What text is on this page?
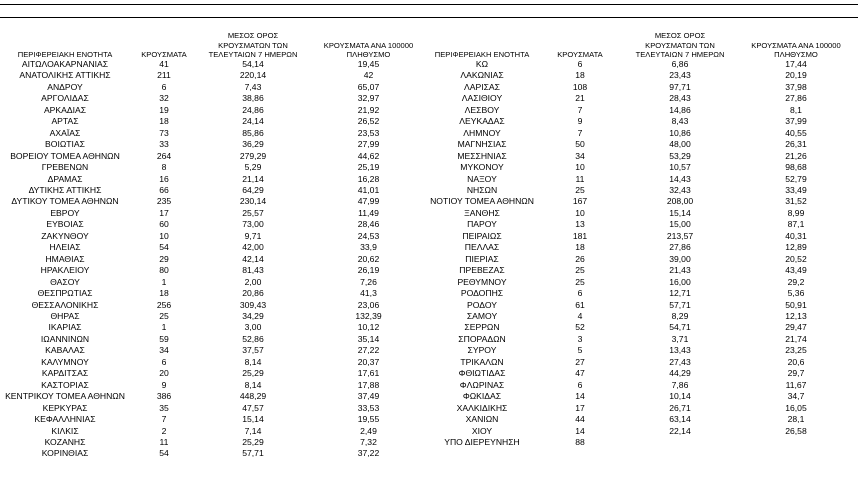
ΠΕΡΙΦΕΡΕΙΑΚΗ ΕΝΟΤΗΤΑ	ΚΡΟΥΣΜΑΤΑ	ΜΕΣΟΣ ΟΡΟΣ
ΚΡΟΥΣΜΑΤΩΝ ΤΩΝ
ΤΕΛΕΥΤΑΙΩΝ 7 ΗΜΕΡΩΝ	ΚΡΟΥΣΜΑΤΑ ΑΝΑ 100000
ΠΛΗΘΥΣΜΟ
ΑΙΤΩΛΟΑΚΑΡΝΑΝΙΑΣ	41	54,14	19,45
ΑΝΑΤΟΛΙΚΗΣ ΑΤΤΙΚΗΣ	211	220,14	42
ΑΝΔΡΟΥ	6	7,43	65,07
ΑΡΓΟΛΙΔΑΣ	32	38,86	32,97
ΑΡΚΑΔΙΑΣ	19	24,86	21,92
ΑΡΤΑΣ	18	24,14	26,52
ΑΧΑΪΑΣ	73	85,86	23,53
ΒΟΙΩΤΙΑΣ	33	36,29	27,99
ΒΟΡΕΙΟΥ ΤΟΜΕΑ ΑΘΗΝΩΝ	264	279,29	44,62
ΓΡΕΒΕΝΩΝ	8	5,29	25,19
ΔΡΑΜΑΣ	16	21,14	16,28
ΔΥΤΙΚΗΣ ΑΤΤΙΚΗΣ	66	64,29	41,01
ΔΥΤΙΚΟΥ ΤΟΜΕΑ ΑΘΗΝΩΝ	235	230,14	47,99
ΕΒΡΟΥ	17	25,57	11,49
ΕΥΒΟΙΑΣ	60	73,00	28,46
ΖΑΚΥΝΘΟΥ	10	9,71	24,53
ΗΛΕΙΑΣ	54	42,00	33,9
ΗΜΑΘΙΑΣ	29	42,14	20,62
ΗΡΑΚΛΕΙΟΥ	80	81,43	26,19
ΘΑΣΟΥ	1	2,00	7,26
ΘΕΣΠΡΩΤΙΑΣ	18	20,86	41,3
ΘΕΣΣΑΛΟΝΙΚΗΣ	256	309,43	23,06
ΘΗΡΑΣ	25	34,29	132,39
ΙΚΑΡΙΑΣ	1	3,00	10,12
ΙΩΑΝΝΙΝΩΝ	59	52,86	35,14
ΚΑΒΑΛΑΣ	34	37,57	27,22
ΚΑΛΥΜΝΟΥ	6	8,14	20,37
ΚΑΡΔΙΤΣΑΣ	20	25,29	17,61
ΚΑΣΤΟΡΙΑΣ	9	8,14	17,88
ΚΕΝΤΡΙΚΟΥ ΤΟΜΕΑ ΑΘΗΝΩΝ	386	448,29	37,49
ΚΕΡΚΥΡΑΣ	35	47,57	33,53
ΚΕΦΑΛΛΗΝΙΑΣ	7	15,14	19,55
ΚΙΛΚΙΣ	2	7,14	2,49
ΚΟΖΑΝΗΣ	11	25,29	7,32
ΚΟΡΙΝΘΙΑΣ	54	57,71	37,22
ΠΕΡΙΦΕΡΕΙΑΚΗ ΕΝΟΤΗΤΑ	ΚΡΟΥΣΜΑΤΑ	ΜΕΣΟΣ ΟΡΟΣ
ΚΡΟΥΣΜΑΤΩΝ ΤΩΝ
ΤΕΛΕΥΤΑΙΩΝ 7 ΗΜΕΡΩΝ	ΚΡΟΥΣΜΑΤΑ ΑΝΑ 100000
ΠΛΗΘΥΣΜΟ
ΚΩ	6	6,86	17,44
ΛΑΚΩΝΙΑΣ	18	23,43	20,19
ΛΑΡΙΣΑΣ	108	97,71	37,98
ΛΑΣΙΘΙΟΥ	21	28,43	27,86
ΛΕΣΒΟΥ	7	14,86	8,1
ΛΕΥΚΑΔΑΣ	9	8,43	37,99
ΛΗΜΝΟΥ	7	10,86	40,55
ΜΑΓΝΗΣΙΑΣ	50	48,00	26,31
ΜΕΣΣΗΝΙΑΣ	34	53,29	21,26
ΜΥΚΟΝΟΥ	10	10,57	98,68
ΝΑΞΟΥ	11	14,43	52,79
ΝΗΣΩΝ	25	32,43	33,49
ΝΟΤΙΟΥ ΤΟΜΕΑ ΑΘΗΝΩΝ	167	208,00	31,52
ΞΑΝΘΗΣ	10	15,14	8,99
ΠΑΡΟΥ	13	15,00	87,1
ΠΕΙΡΑΙΩΣ	181	213,57	40,31
ΠΕΛΛΑΣ	18	27,86	12,89
ΠΙΕΡΙΑΣ	26	39,00	20,52
ΠΡΕΒΕΖΑΣ	25	21,43	43,49
ΡΕΘΥΜΝΟΥ	25	16,00	29,2
ΡΟΔΟΠΗΣ	6	12,71	5,36
ΡΟΔΟΥ	61	57,71	50,91
ΣΑΜΟΥ	4	8,29	12,13
ΣΕΡΡΩΝ	52	54,71	29,47
ΣΠΟΡΑΔΩΝ	3	3,71	21,74
ΣΥΡΟΥ	5	13,43	23,25
ΤΡΙΚΑΛΩΝ	27	27,43	20,6
ΦΘΙΩΤΙΔΑΣ	47	44,29	29,7
ΦΛΩΡΙΝΑΣ	6	7,86	11,67
ΦΩΚΙΔΑΣ	14	10,14	34,7
ΧΑΛΚΙΔΙΚΗΣ	17	26,71	16,05
ΧΑΝΙΩΝ	44	63,14	28,1
ΧΙΟΥ	14	22,14	26,58
ΥΠΟ ΔΙΕΡΕΥΝΗΣΗ	88		
